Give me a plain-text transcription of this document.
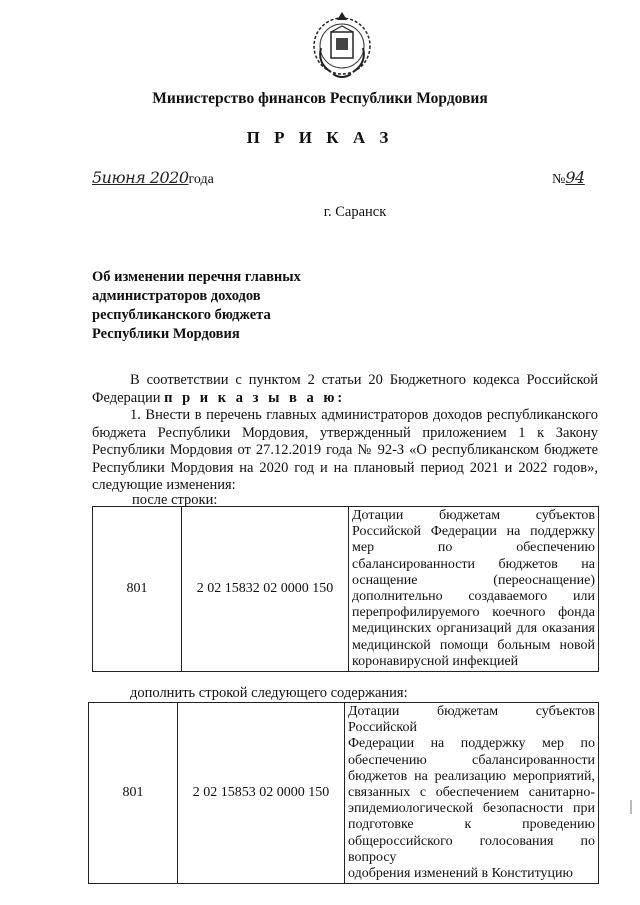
Министерство финансов Республики Мордовия
П Р И К А З
5июня 2020года	№94
г. Саранск
Об изменении перечня главных
администраторов доходов
республиканского бюджета
Республики Мордовия

В соответствии с пунктом 2 статьи 20 Бюджетного кодекса Российской Федерации п р и к а з ы в а ю:

1. Внести в перечень главных администраторов доходов республиканского бюджета Республики Мордовия, утвержденный приложением 1 к Закону Республики Мордовия от 27.12.2019 года № 92-З «О республиканском бюджете Республики Мордовия на 2020 год и на плановый период 2021 и 2022 годов», следующие изменения:

после строки:
801	2 02 15832 02 0000 150	
Дотации бюджетам субъектов
Российской Федерации на поддержку
мер по обеспечению
сбалансированности бюджетов на
оснащение (переоснащение)
дополнительно создаваемого или
перепрофилируемого коечного фонда
медицинских организаций для оказания
медицинской помощи больным новой
коронавирусной инфекцией
дополнить строкой следующего содержания:
801	2 02 15853 02 0000 150	
Дотации бюджетам субъектов Российской
Федерации на поддержку мер по
обеспечению сбалансированности
бюджетов на реализацию мероприятий,
связанных с обеспечением санитарно-
эпидемиологической безопасности при
подготовке к проведению
общероссийского голосования по вопросу
одобрения изменений в Конституцию
